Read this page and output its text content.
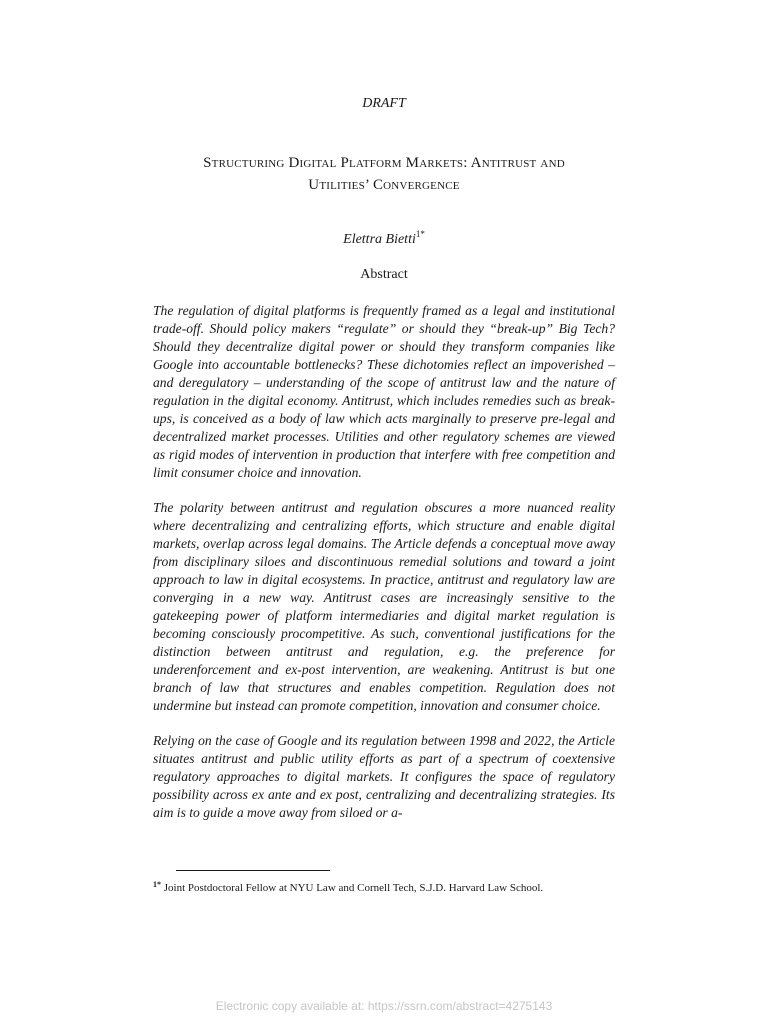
DRAFT
Structuring Digital Platform Markets: Antitrust and
Utilities’ Convergence
Elettra Bietti$^{1*}$
Abstract

The regulation of digital platforms is frequently framed as a legal and institutional trade-off. Should policy makers “regulate” or should they “break-up” Big Tech? Should they decentralize digital power or should they transform companies like Google into accountable bottlenecks? These dichotomies reflect an impoverished – and deregulatory – understanding of the scope of antitrust law and the nature of regulation in the digital economy. Antitrust, which includes remedies such as break-ups, is conceived as a body of law which acts marginally to preserve pre-legal and decentralized market processes. Utilities and other regulatory schemes are viewed as rigid modes of intervention in production that interfere with free competition and limit consumer choice and innovation.

The polarity between antitrust and regulation obscures a more nuanced reality where decentralizing and centralizing efforts, which structure and enable digital markets, overlap across legal domains. The Article defends a conceptual move away from disciplinary siloes and discontinuous remedial solutions and toward a joint approach to law in digital ecosystems. In practice, antitrust and regulatory law are converging in a new way. Antitrust cases are increasingly sensitive to the gatekeeping power of platform intermediaries and digital market regulation is becoming consciously procompetitive. As such, conventional justifications for the distinction between antitrust and regulation, e.g. the preference for underenforcement and ex-post intervention, are weakening. Antitrust is but one branch of law that structures and enables competition. Regulation does not undermine but instead can promote competition, innovation and consumer choice.

Relying on the case of Google and its regulation between 1998 and 2022, the Article situates antitrust and public utility efforts as part of a spectrum of coextensive regulatory approaches to digital markets. It configures the space of regulatory possibility across ex ante and ex post, centralizing and decentralizing strategies. Its aim is to guide a move away from siloed or a-

$^{1*}$ Joint Postdoctoral Fellow at NYU Law and Cornell Tech, S.J.D. Harvard Law School.
Electronic copy available at: https://ssrn.com/abstract=4275143
